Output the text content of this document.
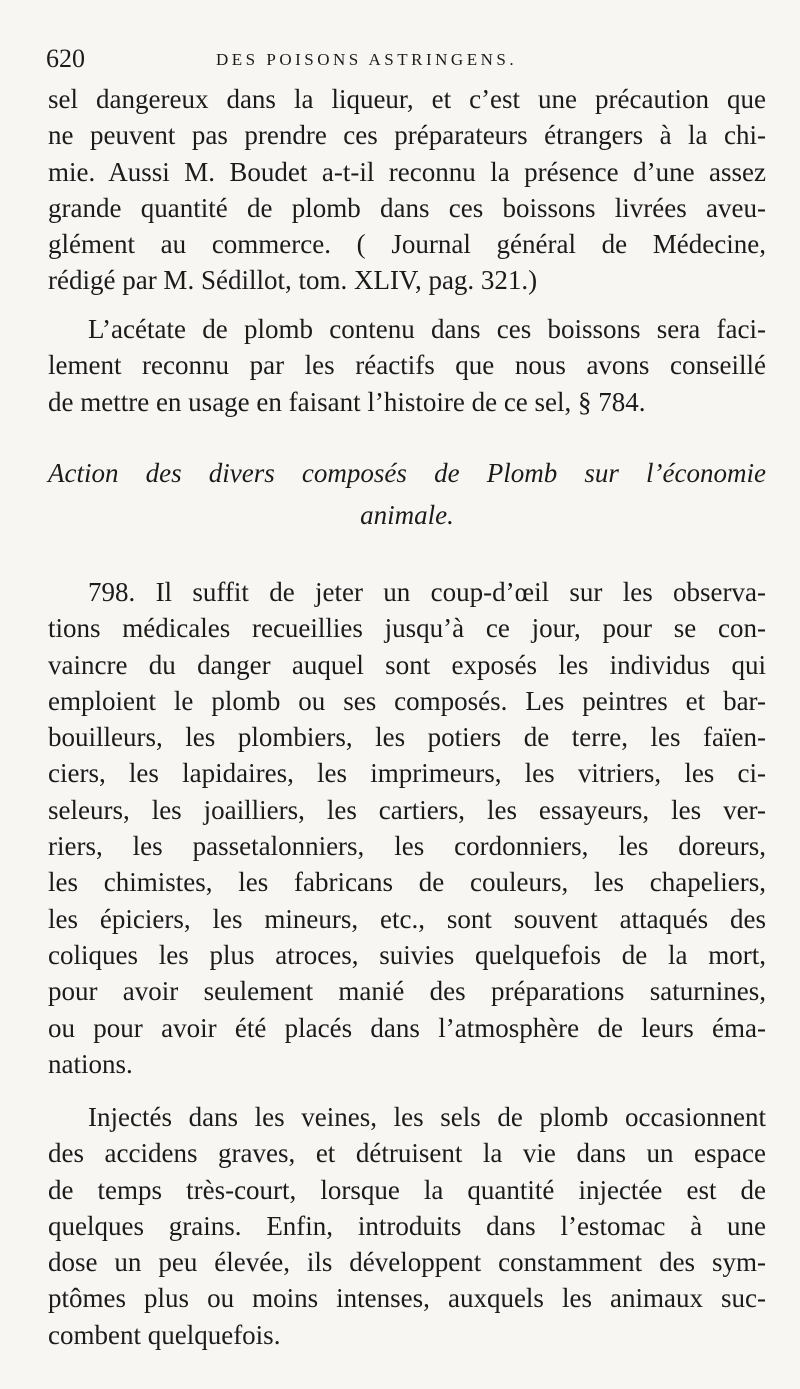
620	DES POISONS ASTRINGENS.
sel dangereux dans la liqueur, et c’est une précaution que
ne peuvent pas prendre ces préparateurs étrangers à la chi-
mie. Aussi M. Boudet a-t-il reconnu la présence d’une assez
grande quantité de plomb dans ces boissons livrées aveu-
glément au commerce. ( Journal général de Médecine,
rédigé par M. Sédillot, tom. XLIV, pag. 321.)
L’acétate de plomb contenu dans ces boissons sera faci-
lement reconnu par les réactifs que nous avons conseillé
de mettre en usage en faisant l’histoire de ce sel, § 784.
Action des divers composés de Plomb sur l’économie
animale.
798. Il suffit de jeter un coup-d’œil sur les observa-
tions médicales recueillies jusqu’à ce jour, pour se con-
vaincre du danger auquel sont exposés les individus qui
emploient le plomb ou ses composés. Les peintres et bar-
bouilleurs, les plombiers, les potiers de terre, les faïen-
ciers, les lapidaires, les imprimeurs, les vitriers, les ci-
seleurs, les joailliers, les cartiers, les essayeurs, les ver-
riers, les passetalonniers, les cordonniers, les doreurs,
les chimistes, les fabricans de couleurs, les chapeliers,
les épiciers, les mineurs, etc., sont souvent attaqués des
coliques les plus atroces, suivies quelquefois de la mort,
pour avoir seulement manié des préparations saturnines,
ou pour avoir été placés dans l’atmosphère de leurs éma-
nations.
Injectés dans les veines, les sels de plomb occasionnent
des accidens graves, et détruisent la vie dans un espace
de temps très-court, lorsque la quantité injectée est de
quelques grains. Enfin, introduits dans l’estomac à une
dose un peu élevée, ils développent constamment des sym-
ptômes plus ou moins intenses, auxquels les animaux suc-
combent quelquefois.
